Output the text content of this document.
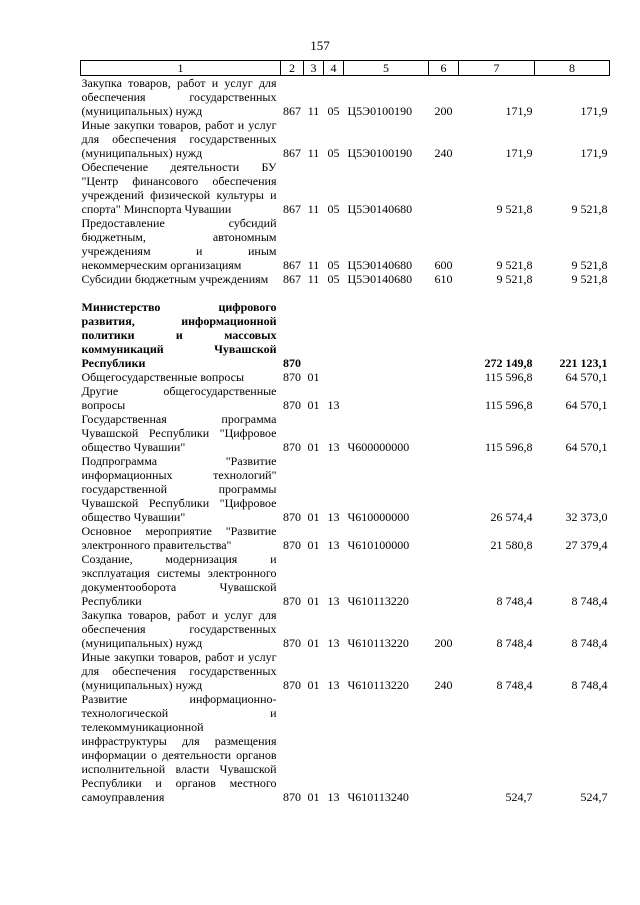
157
1	2	3	4	5	6	7	8
Закупка товаров, работ и услуг для обеспечения государственных (муниципальных) нужд	867	11	05	Ц5Э0100190	200	171,9	171,9
Иные закупки товаров, работ и услуг для обеспечения государственных (муниципальных) нужд	867	11	05	Ц5Э0100190	240	171,9	171,9
Обеспечение деятельности БУ "Центр финансового обеспечения учреждений физической культуры и спорта" Минспорта Чувашии	867	11	05	Ц5Э0140680		9 521,8	9 521,8
Предоставление субсидий бюджетным, автономным учреждениям и иным некоммерческим организациям	867	11	05	Ц5Э0140680	600	9 521,8	9 521,8
Субсидии бюджетным учреждениям	867	11	05	Ц5Э0140680	610	9 521,8	9 521,8

Министерство цифрового развития, информационной политики и массовых коммуникаций Чувашской Республики	870					272 149,8	221 123,1
Общегосударственные вопросы	870	01				115 596,8	64 570,1
Другие общегосударственные вопросы	870	01	13			115 596,8	64 570,1
Государственная программа Чувашской Республики "Цифровое общество Чувашии"	870	01	13	Ч600000000		115 596,8	64 570,1
Подпрограмма "Развитие информационных технологий" государственной программы Чувашской Республики "Цифровое общество Чувашии"	870	01	13	Ч610000000		26 574,4	32 373,0
Основное мероприятие "Развитие электронного правительства"	870	01	13	Ч610100000		21 580,8	27 379,4
Создание, модернизация и эксплуатация системы электронного документооборота Чувашской Республики	870	01	13	Ч610113220		8 748,4	8 748,4
Закупка товаров, работ и услуг для обеспечения государственных (муниципальных) нужд	870	01	13	Ч610113220	200	8 748,4	8 748,4
Иные закупки товаров, работ и услуг для обеспечения государственных (муниципальных) нужд	870	01	13	Ч610113220	240	8 748,4	8 748,4
Развитие информационно-технологической и телекоммуникационной инфраструктуры для размещения информации о деятельности органов исполнительной власти Чувашской Республики и органов местного самоуправления	870	01	13	Ч610113240		524,7	524,7
